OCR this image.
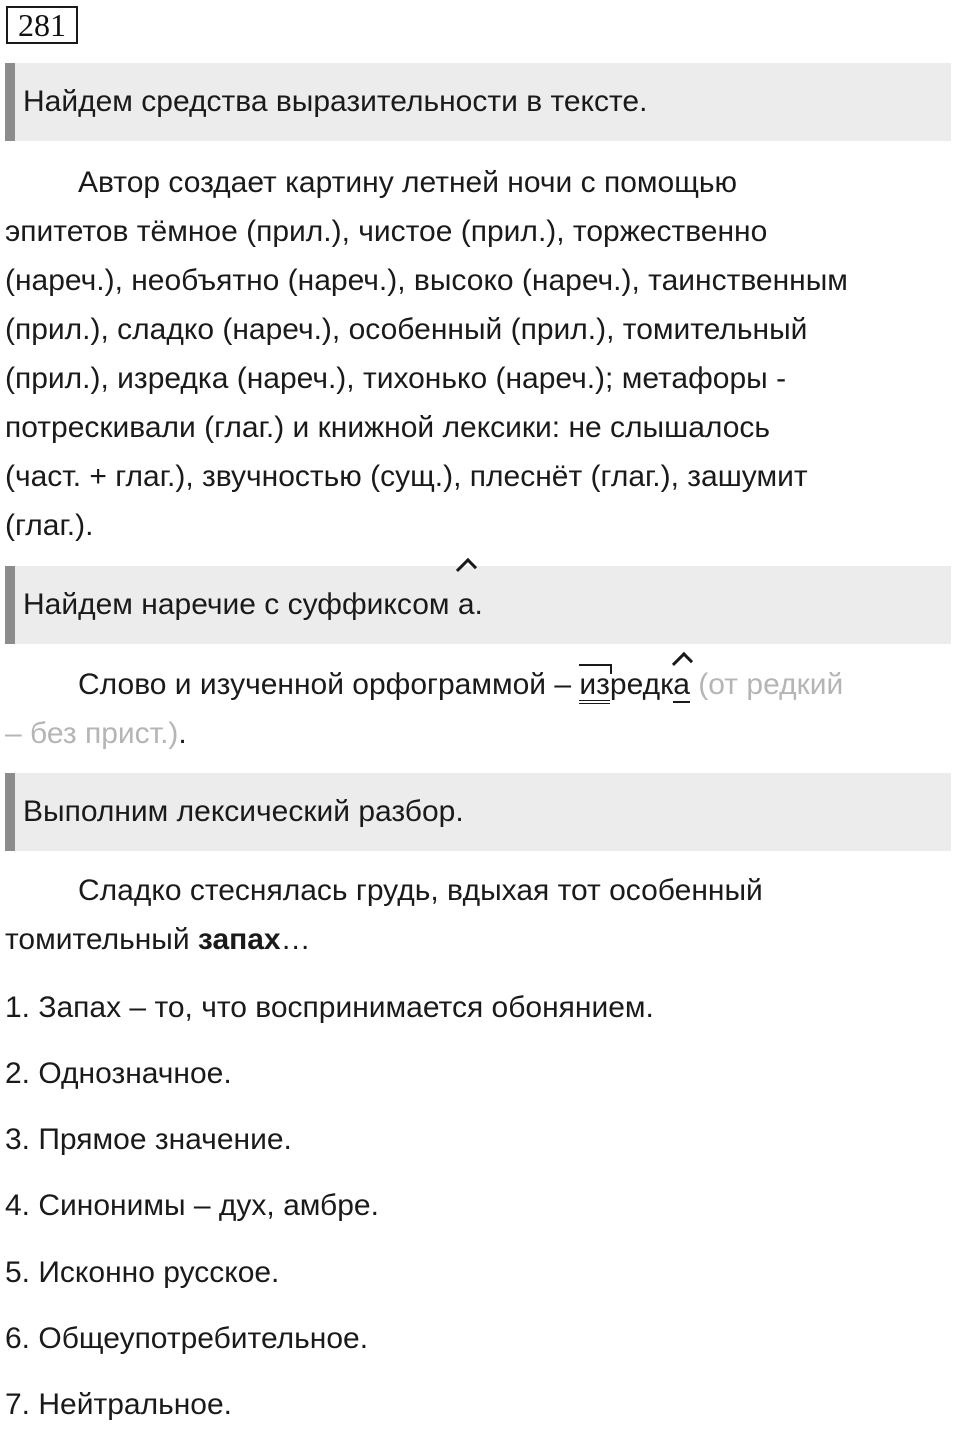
281
Найдем средства выразительности в тексте.

Автор создает картину летней ночи с помощью
эпитетов тёмное (прил.), чистое (прил.), торжественно
(нареч.), необъятно (нареч.), высоко (нареч.), таинственным
(прил.), сладко (нареч.), особенный (прил.), томительный
(прил.), изредка (нареч.), тихонько (нареч.); метафоры -
потрескивали (глаг.) и книжной лексики: не слышалось
(част. + глаг.), звучностью (сущ.), плеснёт (глаг.), зашумит
(глаг.).

Найдем наречие с суффиксом а.

Слово и изученной орфограммой – изредка (от редкий
– без прист.).

Выполним лексический разбор.

Сладко стеснялась грудь, вдыхая тот особенный
томительный запах…

1. Запах – то, что воспринимается обонянием.
2. Однозначное.
3. Прямое значение.
4. Синонимы – дух, амбре.
5. Исконно русское.
6. Общеупотребительное.
7. Нейтральное.
